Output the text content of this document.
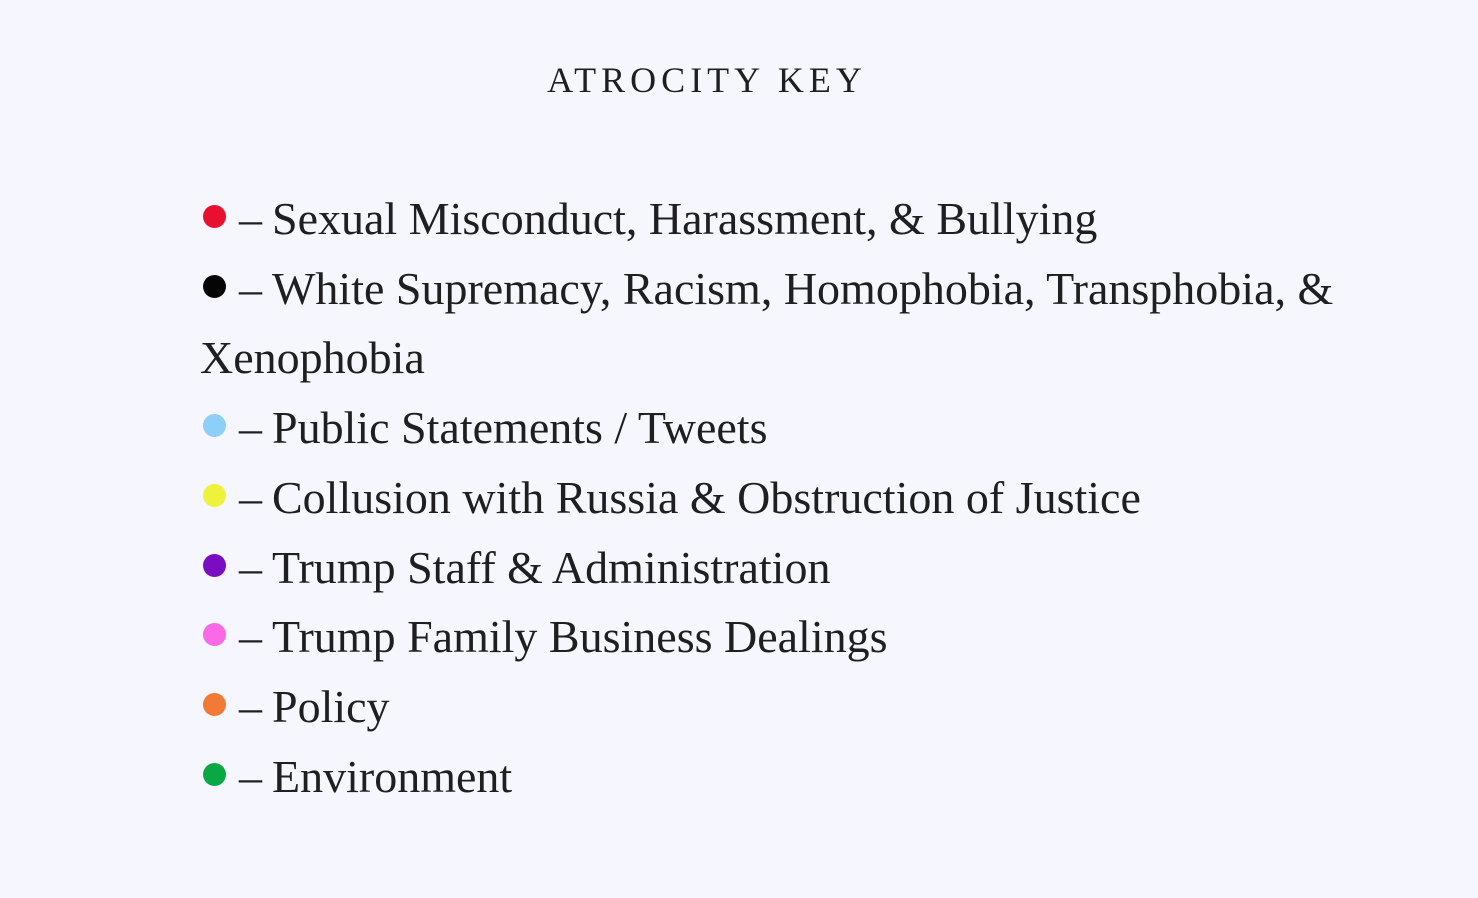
ATROCITY KEY
– Sexual Misconduct, Harassment, & Bullying
– White Supremacy, Racism, Homophobia, Transphobia, & Xenophobia
– Public Statements / Tweets
– Collusion with Russia & Obstruction of Justice
– Trump Staff & Administration
– Trump Family Business Dealings
– Policy
– Environment
